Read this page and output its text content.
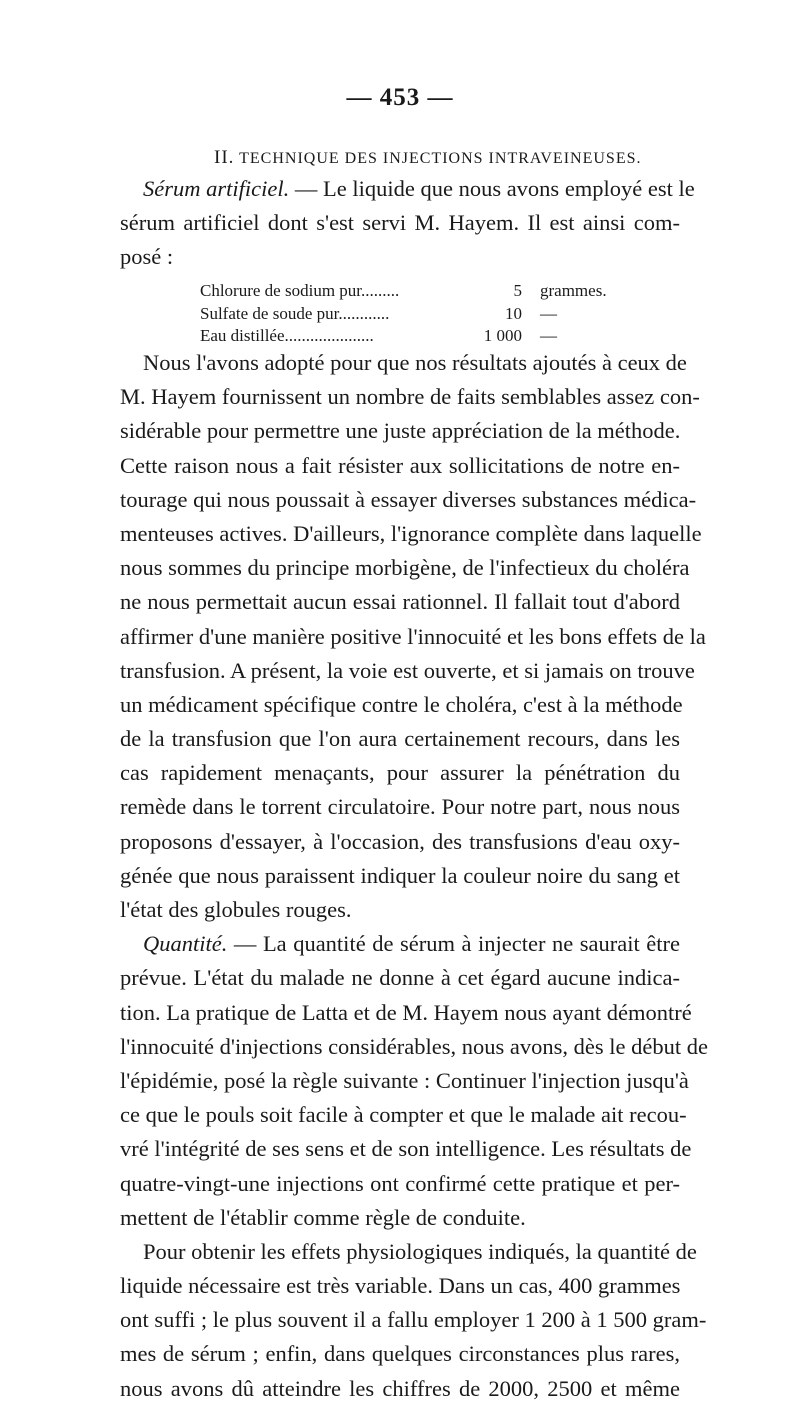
— 453 —
II. TECHNIQUE DES INJECTIONS INTRAVEINEUSES.
Sérum artificiel. — Le liquide que nous avons employé est le
sérum artificiel dont s'est servi M. Hayem. Il est ainsi com-
posé :
Chlorure de sodium pur.........	5	grammes.
Sulfate de soude pur............	10	—
Eau distillée.....................	1 000	—
Nous l'avons adopté pour que nos résultats ajoutés à ceux de
M. Hayem fournissent un nombre de faits semblables assez con-
sidérable pour permettre une juste appréciation de la méthode.
Cette raison nous a fait résister aux sollicitations de notre en-
tourage qui nous poussait à essayer diverses substances médica-
menteuses actives. D'ailleurs, l'ignorance complète dans laquelle
nous sommes du principe morbigène, de l'infectieux du choléra
ne nous permettait aucun essai rationnel. Il fallait tout d'abord
affirmer d'une manière positive l'innocuité et les bons effets de la
transfusion. A présent, la voie est ouverte, et si jamais on trouve
un médicament spécifique contre le choléra, c'est à la méthode
de la transfusion que l'on aura certainement recours, dans les
cas rapidement menaçants, pour assurer la pénétration du
remède dans le torrent circulatoire. Pour notre part, nous nous
proposons d'essayer, à l'occasion, des transfusions d'eau oxy-
génée que nous paraissent indiquer la couleur noire du sang et
l'état des globules rouges.
Quantité. — La quantité de sérum à injecter ne saurait être
prévue. L'état du malade ne donne à cet égard aucune indica-
tion. La pratique de Latta et de M. Hayem nous ayant démontré
l'innocuité d'injections considérables, nous avons, dès le début de
l'épidémie, posé la règle suivante : Continuer l'injection jusqu'à
ce que le pouls soit facile à compter et que le malade ait recou-
vré l'intégrité de ses sens et de son intelligence. Les résultats de
quatre-vingt-une injections ont confirmé cette pratique et per-
mettent de l'établir comme règle de conduite.
Pour obtenir les effets physiologiques indiqués, la quantité de
liquide nécessaire est très variable. Dans un cas, 400 grammes
ont suffi ; le plus souvent il a fallu employer 1 200 à 1 500 gram-
mes de sérum ; enfin, dans quelques circonstances plus rares,
nous avons dû atteindre les chiffres de 2000, 2500 et même
